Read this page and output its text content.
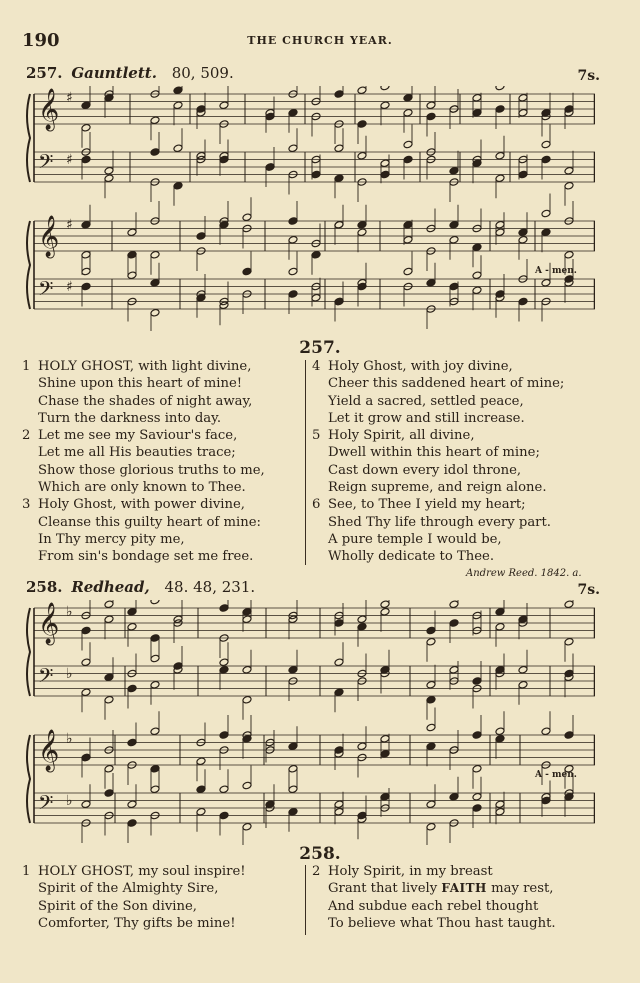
190	THE CHURCH YEAR.
257. Gauntlett. 80, 509.	7s.
𝄞 ♯
𝄢 ♯
𝄞 ♯
𝄢 ♯
A - men.
257.
1 HOLY GHOST, with light divine,
Shine upon this heart of mine!
Chase the shades of night away,
Turn the darkness into day.
2 Let me see my Saviour's face,
Let me all His beauties trace;
Show those glorious truths to me,
Which are only known to Thee.
3 Holy Ghost, with power divine,
Cleanse this guilty heart of mine:
In Thy mercy pity me,
From sin's bondage set me free.
4 Holy Ghost, with joy divine,
Cheer this saddened heart of mine;
Yield a sacred, settled peace,
Let it grow and still increase.
5 Holy Spirit, all divine,
Dwell within this heart of mine;
Cast down every idol throne,
Reign supreme, and reign alone.
6 See, to Thee I yield my heart;
Shed Thy life through every part.
A pure temple I would be,
Wholly dedicate to Thee.
Andrew Reed. 1842. a.
258. Redhead, 48. 48, 231.	7s.
𝄞 ♭
𝄢 ♭
𝄞 ♭
𝄢 ♭
A - men.
258.
1 HOLY GHOST, my soul inspire!
Spirit of the Almighty Sire,
Spirit of the Son divine,
Comforter, Thy gifts be mine!
2 Holy Spirit, in my breast
Grant that lively FAITH may rest,
And subdue each rebel thought
To believe what Thou hast taught.
